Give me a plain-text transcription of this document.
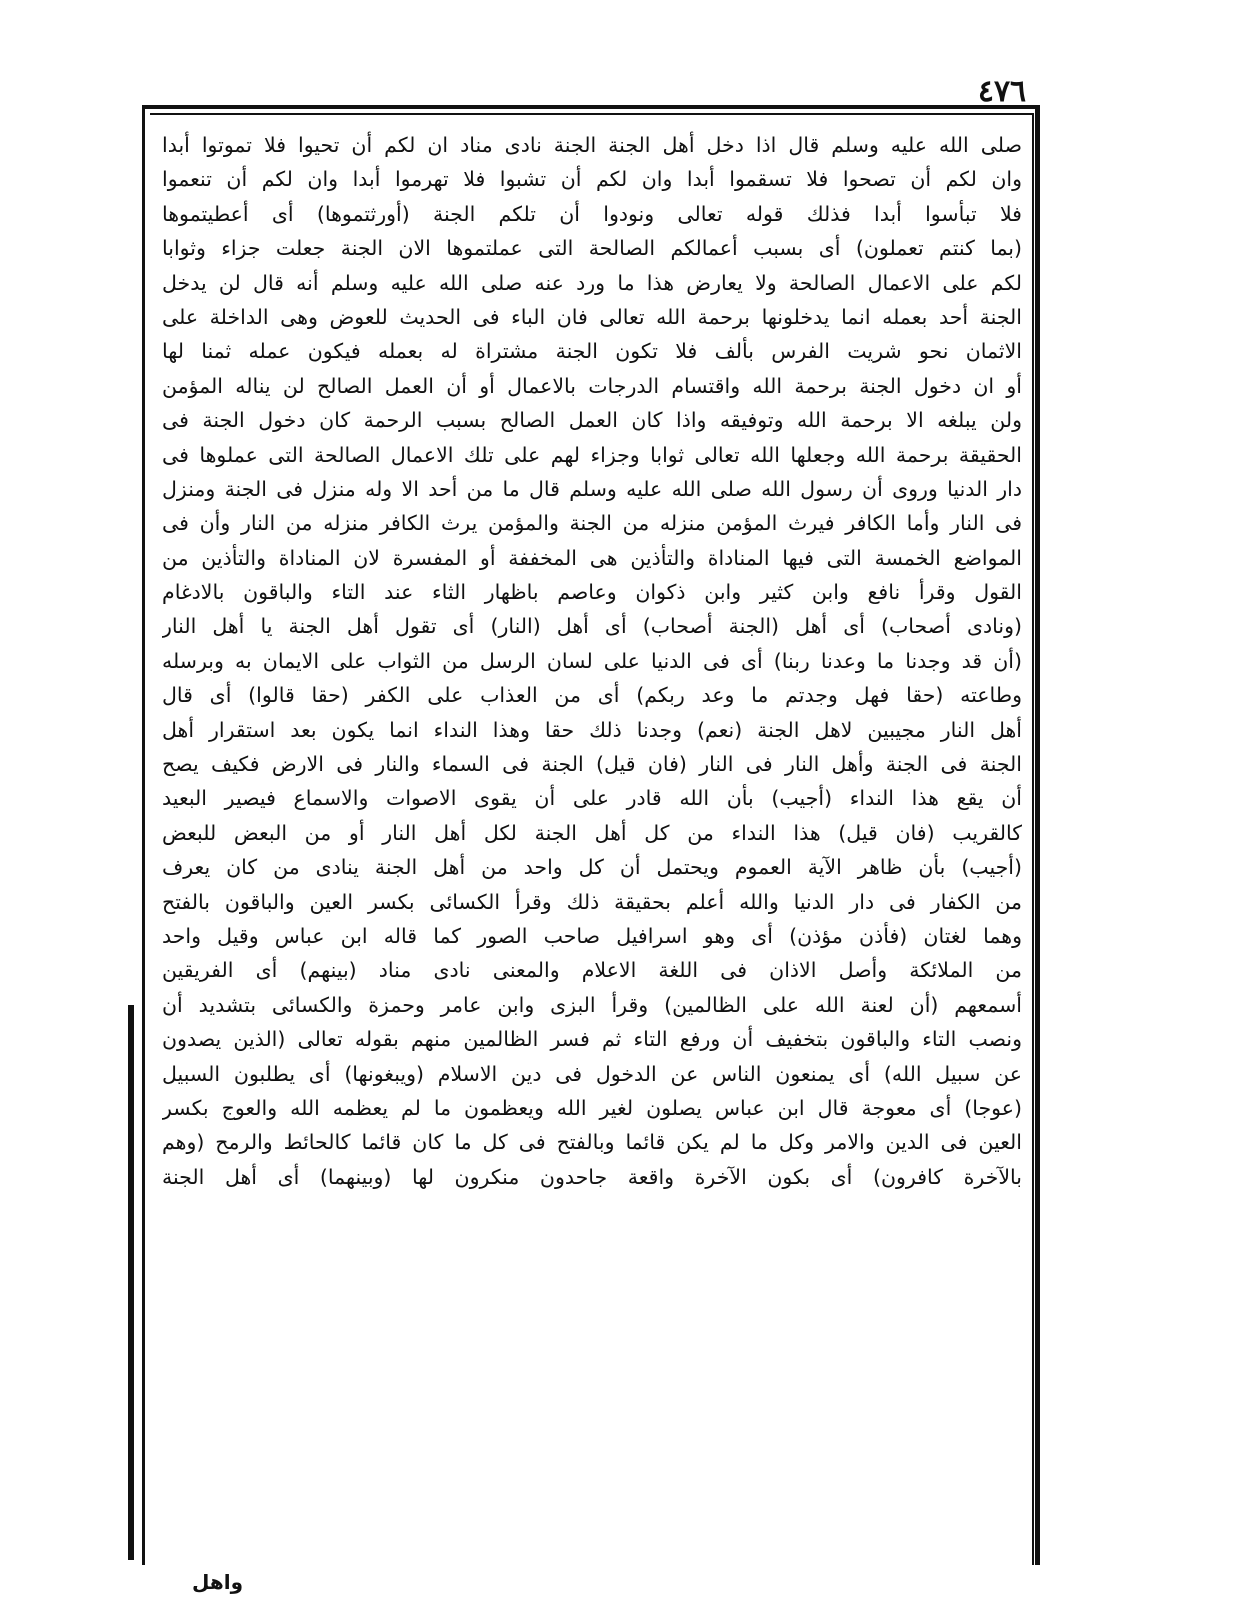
٤٧٦
صلى الله عليه وسلم قال اذا دخل أهل الجنة الجنة نادى مناد ان لكم أن تحيوا فلا تموتوا أبدا
وان لكم أن تصحوا فلا تسقموا أبدا وان لكم أن تشبوا فلا تهرموا أبدا وان لكم أن تنعموا
فلا تبأسوا أبدا فذلك قوله تعالى ونودوا أن تلكم الجنة (أورثتموها) أى أعطيتموها
(بما كنتم تعملون) أى بسبب أعمالكم الصالحة التى عملتموها الان الجنة جعلت جزاء وثوابا
لكم على الاعمال الصالحة ولا يعارض هذا ما ورد عنه صلى الله عليه وسلم أنه قال لن يدخل
الجنة أحد بعمله انما يدخلونها برحمة الله تعالى فان الباء فى الحديث للعوض وهى الداخلة على
الاثمان نحو شريت الفرس بألف فلا تكون الجنة مشتراة له بعمله فيكون عمله ثمنا لها
أو ان دخول الجنة برحمة الله واقتسام الدرجات بالاعمال أو أن العمل الصالح لن يناله المؤمن
ولن يبلغه الا برحمة الله وتوفيقه واذا كان العمل الصالح بسبب الرحمة كان دخول الجنة فى
الحقيقة برحمة الله وجعلها الله تعالى ثوابا وجزاء لهم على تلك الاعمال الصالحة التى عملوها فى
دار الدنيا وروى أن رسول الله صلى الله عليه وسلم قال ما من أحد الا وله منزل فى الجنة ومنزل
فى النار وأما الكافر فيرث المؤمن منزله من الجنة والمؤمن يرث الكافر منزله من النار وأن فى
المواضع الخمسة التى فيها المناداة والتأذين هى المخففة أو المفسرة لان المناداة والتأذين من
القول وقرأ نافع وابن كثير وابن ذكوان وعاصم باظهار الثاء عند التاء والباقون بالادغام
(ونادى أصحاب) أى أهل (الجنة أصحاب) أى أهل (النار) أى تقول أهل الجنة يا أهل النار
(أن قد وجدنا ما وعدنا ربنا) أى فى الدنيا على لسان الرسل من الثواب على الايمان به وبرسله
وطاعته (حقا فهل وجدتم ما وعد ربكم) أى من العذاب على الكفر (حقا قالوا) أى قال
أهل النار مجيبين لاهل الجنة (نعم) وجدنا ذلك حقا وهذا النداء انما يكون بعد استقرار أهل
الجنة فى الجنة وأهل النار فى النار (فان قيل) الجنة فى السماء والنار فى الارض فكيف يصح
أن يقع هذا النداء (أجيب) بأن الله قادر على أن يقوى الاصوات والاسماع فيصير البعيد
كالقريب (فان قيل) هذا النداء من كل أهل الجنة لكل أهل النار أو من البعض للبعض
(أجيب) بأن ظاهر الآية العموم ويحتمل أن كل واحد من أهل الجنة ينادى من كان يعرف
من الكفار فى دار الدنيا والله أعلم بحقيقة ذلك وقرأ الكسائى بكسر العين والباقون بالفتح
وهما لغتان (فأذن مؤذن) أى وهو اسرافيل صاحب الصور كما قاله ابن عباس وقيل واحد
من الملائكة وأصل الاذان فى اللغة الاعلام والمعنى نادى مناد (بينهم) أى الفريقين
أسمعهم (أن لعنة الله على الظالمين) وقرأ البزى وابن عامر وحمزة والكسائى بتشديد أن
ونصب التاء والباقون بتخفيف أن ورفع التاء ثم فسر الظالمين منهم بقوله تعالى (الذين يصدون
عن سبيل الله) أى يمنعون الناس عن الدخول فى دين الاسلام (ويبغونها) أى يطلبون السبيل
(عوجا) أى معوجة قال ابن عباس يصلون لغير الله ويعظمون ما لم يعظمه الله والعوج بكسر
العين فى الدين والامر وكل ما لم يكن قائما وبالفتح فى كل ما كان قائما كالحائط والرمح (وهم
بالآخرة كافرون) أى بكون الآخرة واقعة جاحدون منكرون لها (وبينهما) أى أهل الجنة
واهل
